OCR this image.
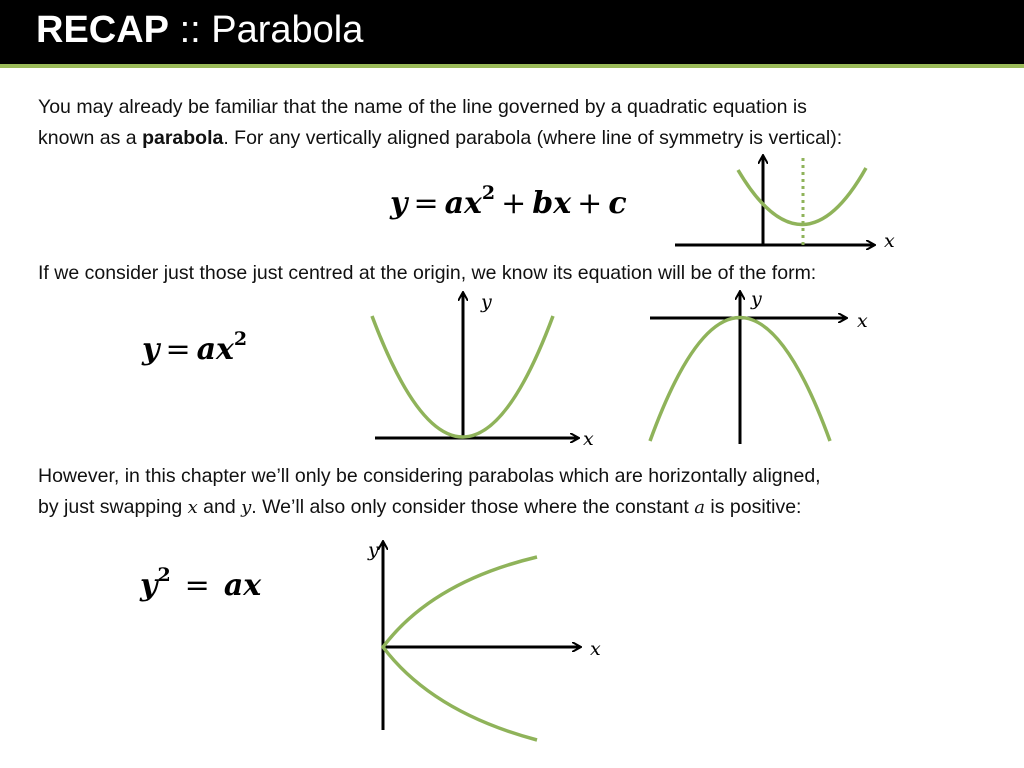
RECAP :: Parabola
You may already be familiar that the name of the line governed by a quadratic equation is
known as a parabola. For any vertically aligned parabola (where line of symmetry is vertical):
$y = ax^2$ + bx + c
If we consider just those just centred at the origin, we know its equation will be of the form:
$y = ax^2$
However, in this chapter we’ll only be considering parabolas which are horizontally aligned,
by just swapping x and y. We’ll also only consider those where the constant a is positive:
$y^2$ = ax
x
y
x
y
x
y
x
